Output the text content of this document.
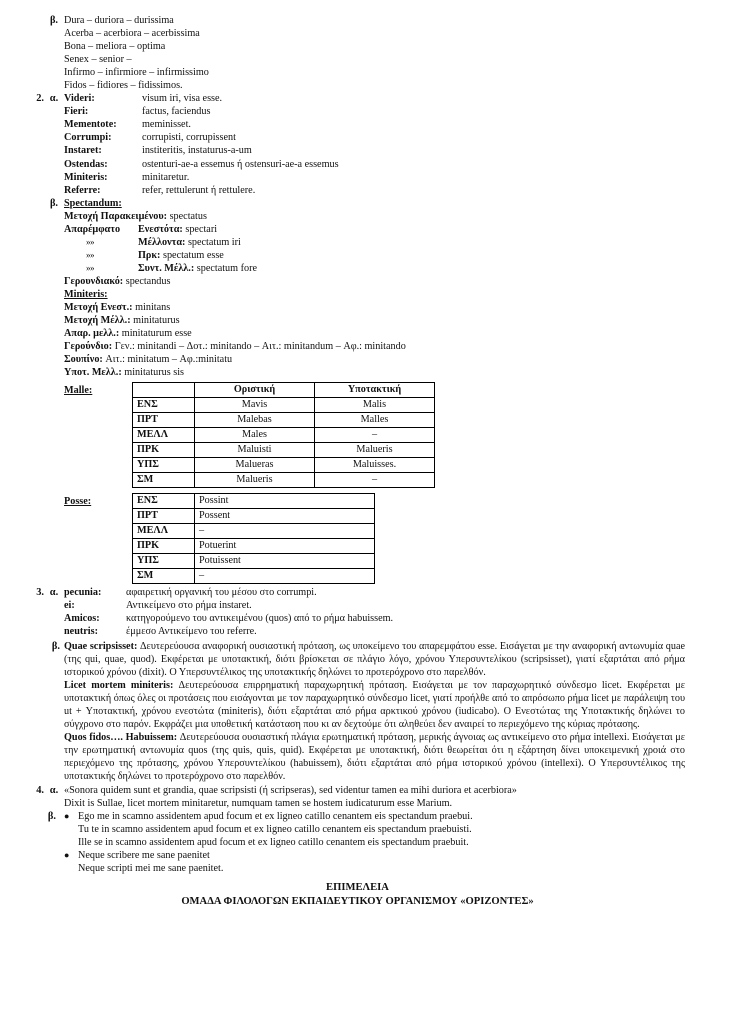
β. Dura – duriora – durissima
Acerba – acerbiora – acerbissima
Bona – meliora – optima
Senex – senior –
Infirmo – infirmiore – infirmissimo
Fidos – fidiores – fidissimos.
2. α. Videri:	visum iri, visa esse.
Fieri:	factus, faciendus
Mementote:	meminisset.
Corrumpi:	corrupisti, corrupissent
Instaret:	institeritis, instaturus-a-um
Ostendas:	ostenturi-ae-a essemus ή ostensuri-ae-a essemus
Miniteris:	minitaretur.
Referre:	refer, rettulerunt ή rettulere.
β. Spectandum:
Μετοχή Παρακειμένου:
spectatus
Απαρέμφατο	Ενεστότα:
spectari
»»	Μέλλοντα:
spectatum iri
»»	Πρκ:
spectatum esse
»»	Συντ. Μέλλ.:
spectatum fore
Γερουνδιακό:
spectandus
Miniteris:
Μετοχή Ενεστ.:
minitans
Μετοχή Μέλλ.:
minitaturus
Απαρ. μελλ.:
minitaturum esse
Γερούνδιο:
Γεν.: minitandi – Δοτ.: minitando – Αιτ.: minitandum – Αφ.: minitando
Σουπίνο:
Αιτ.: minitatum – Αφ.:minitatu
Υποτ. Μελλ.:
minitaturus sis
Malle:
		Οριστική	Υποτακτική
ΕΝΣ	Mavis	Malis
ΠΡΤ	Malebas	Malles
ΜΕΛΛ	Males	–
ΠΡΚ	Maluisti	Malueris
ΥΠΣ	Malueras	Maluisses.
ΣΜ	Malueris	–
Posse:	ΕΝΣ	Possint
ΠΡΤ	Possent
ΜΕΛΛ	–
ΠΡΚ	Potuerint
ΥΠΣ	Potuissent
ΣΜ	–
3. α. pecunia:	αφαιρετική οργανική του μέσου στο corrumpi.
ei:	Αντικείμενο στο ρήμα instaret.
Amicos:	κατηγορούμενο του αντικειμένου (quos) από το ρήμα habuissem.
neutris:	έμμεσο Αντικείμενο του referre.
β. Quae scripsisset: Δευτερεύουσα αναφορική ουσιαστική πρόταση, ως υποκείμενο του απαρεμφάτου esse. Εισάγεται με την αναφορική αντωνυμία quae (της qui, quae, quod). Εκφέρεται με υποτακτική, διότι βρίσκεται σε πλάγιο λόγο, χρόνου Υπερσυντελίκου (scripsisset), γιατί εξαρτάται από ρήμα ιστορικού χρόνου (dixit). Ο Υπερσυντέλικος της υποτακτικής δηλώνει το προτερόχρονο στο παρελθόν.
Licet mortem miniteris: Δευτερεύουσα επιρρηματική παραχωρητική πρόταση. Εισάγεται με τον παραχωρητικό σύνδεσμο licet. Εκφέρεται με υποτακτική όπως όλες οι προτάσεις που εισάγονται με τον παραχωρητικό σύνδεσμο licet, γιατί προήλθε από το απρόσωπο ρήμα licet με παράλειψη του ut + Υποτακτική, χρόνου ενεστώτα (miniteris), διότι εξαρτάται από ρήμα αρκτικού χρόνου (iudicabo). Ο Ενεστώτας της Υποτακτικής δηλώνει το σύγχρονο στο παρόν. Εκφράζει μια υποθετική κατάσταση που κι αν δεχτούμε ότι αληθεύει δεν αναιρεί το περιεχόμενο της κύριας πρότασης.
Quos fidos…. Habuissem: Δευτερεύουσα ουσιαστική πλάγια ερωτηματική πρόταση, μερικής άγνοιας ως αντικείμενο στο ρήμα intellexi. Εισάγεται με την ερωτηματική αντωνυμία quos (της quis, quis, quid). Εκφέρεται με υποτακτική, διότι θεωρείται ότι η εξάρτηση δίνει υποκειμενική χροιά στο περιεχόμενο της πρότασης, χρόνου Υπερσυντελίκου (habuissem), διότι εξαρτάται από ρήμα ιστορικού χρόνου (intellexi). Ο Υπερσυντέλικος της υποτακτικής δηλώνει το προτερόχρονο στο παρελθόν.
4. α. «Sonora quidem sunt et grandia, quae scripsisti (ή scripseras), sed videntur tamen ea mihi duriora et acerbiora»
Dixit is Sullae, licet mortem minitaretur, numquam tamen se hostem iudicaturum esse Marium.
β. ● Ego me in scamno assidentem apud focum et ex ligneo catillo cenantem eis spectandum praebui.
Tu te in scamno assidentem apud focum et ex ligneo catillo cenantem eis spectandum praebuisti.
Ille se in scamno assidentem apud focum et ex ligneo catillo cenantem eis spectandum praebuit.
● Neque scribere me sane paenitet
Neque scripti mei me sane paenitet.
ΕΠΙΜΕΛΕΙΑ
ΟΜΑΔΑ ΦΙΛΟΛΟΓΩΝ ΕΚΠΑΙΔΕΥΤΙΚΟΥ ΟΡΓΑΝΙΣΜΟΥ «ΟΡΙΖΟΝΤΕΣ»
